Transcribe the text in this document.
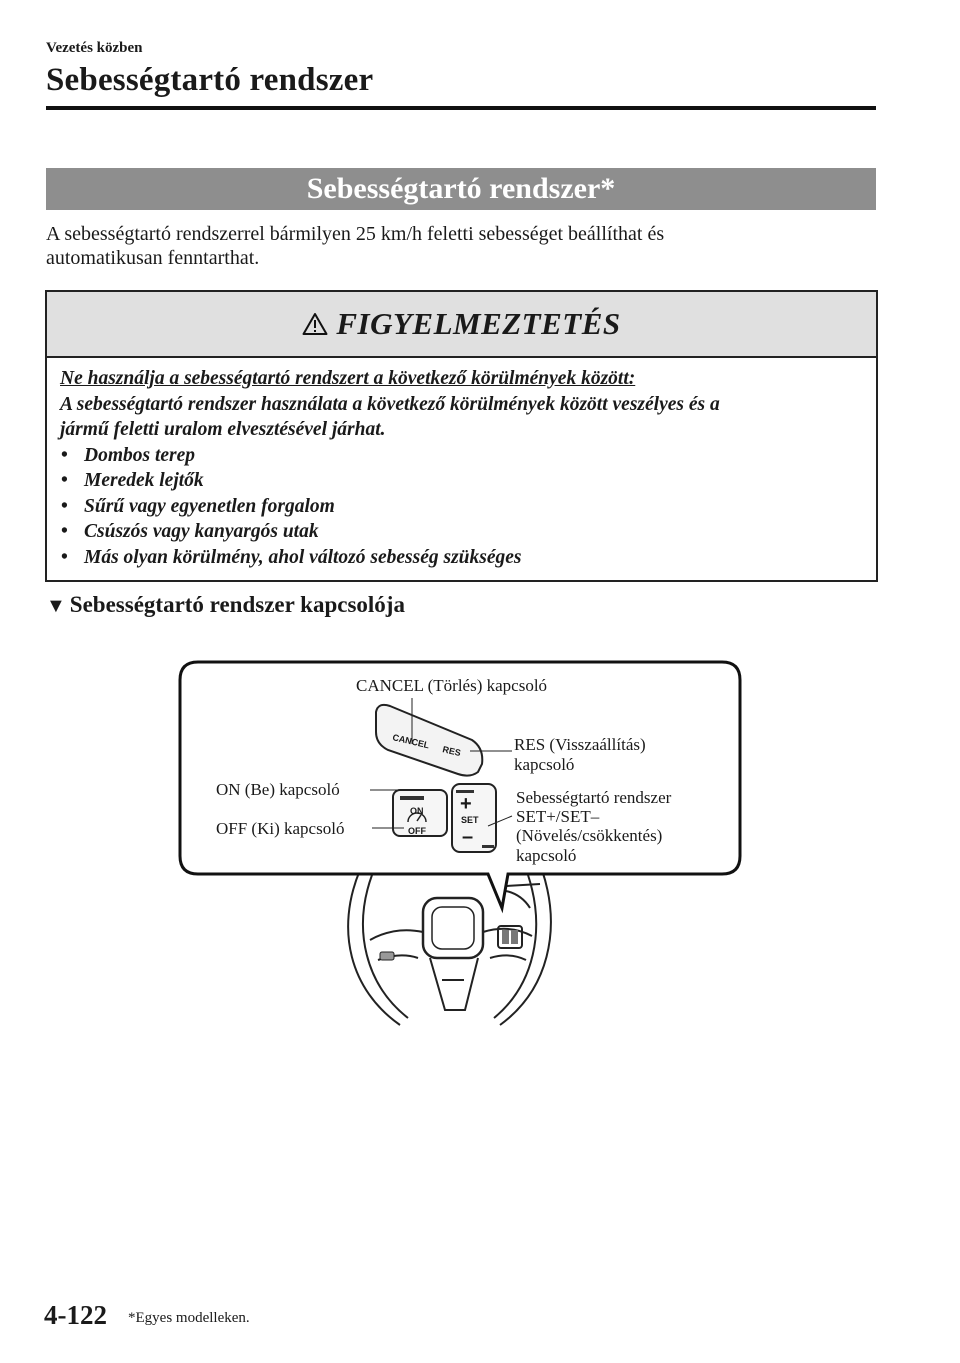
Vezetés közben
Sebességtartó rendszer
Sebességtartó rendszer*
A sebességtartó rendszerrel bármilyen 25 km/h feletti sebességet beállíthat és
automatikusan fenntarthat.
FIGYELMEZTETÉS
Ne használja a sebességtartó rendszert a következő körülmények között:
A sebességtartó rendszer használata a következő körülmények között veszélyes és a
jármű feletti uralom elvesztésével járhat.
• Dombos terep
• Meredek lejtők
• Sűrű vagy egyenetlen forgalom
• Csúszós vagy kanyargós utak
• Más olyan körülmény, ahol változó sebesség szükséges
▼ Sebességtartó rendszer kapcsolója
CANCEL
RES
ON
OFF
+
SET
–
CANCEL (Törlés) kapcsoló
RES (Visszaállítás)
kapcsoló
ON (Be) kapcsoló
OFF (Ki) kapcsoló
Sebességtartó rendszer
SET+/SET–
(Növelés/csökkentés)
kapcsoló
4-122 *Egyes modelleken.
